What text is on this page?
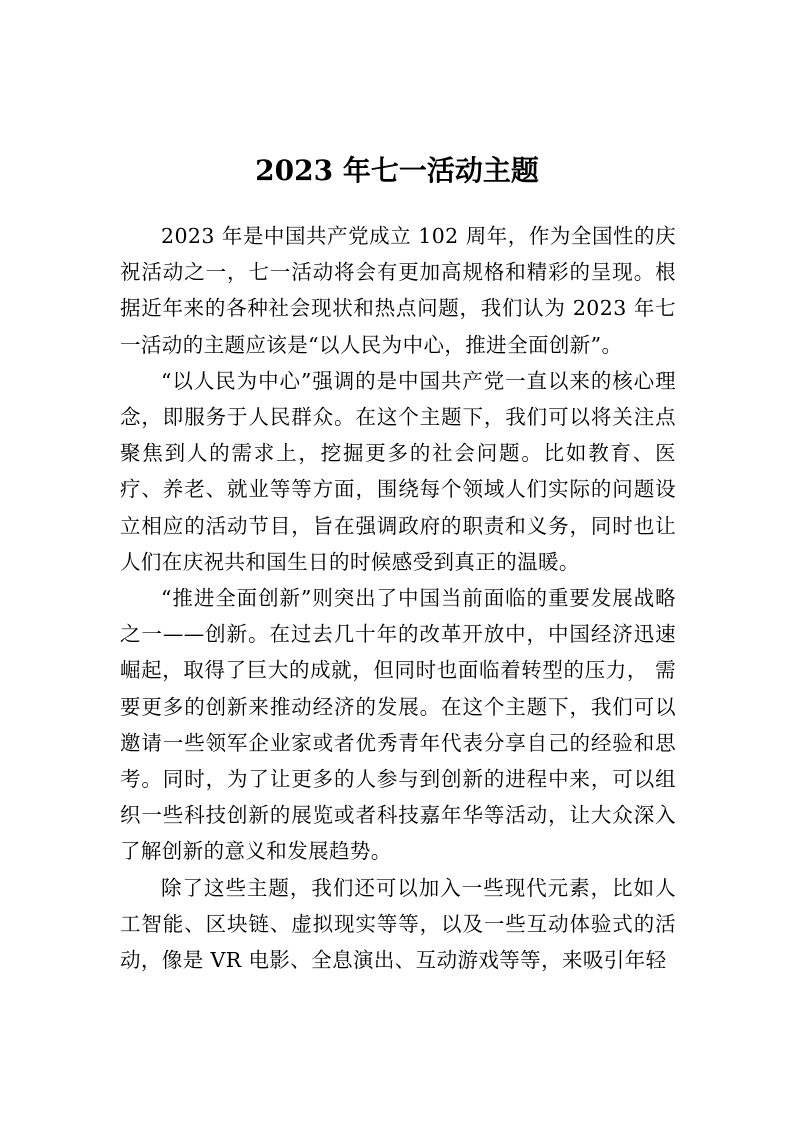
2023 年七一活动主题

2023 年是中国共产党成立 102 周年，作为全国性的庆祝活动之一，七一活动将会有更加高规格和精彩的呈现。根据近年来的各种社会现状和热点问题，我们认为 2023 年七一活动的主题应该是“以人民为中心，推进全面创新”。

“以人民为中心”强调的是中国共产党一直以来的核心理念，即服务于人民群众。在这个主题下，我们可以将关注点聚焦到人的需求上，挖掘更多的社会问题。比如教育、医疗、养老、就业等等方面，围绕每个领域人们实际的问题设立相应的活动节目，旨在强调政府的职责和义务，同时也让人们在庆祝共和国生日的时候感受到真正的温暖。

“推进全面创新”则突出了中国当前面临的重要发展战略之一——创新。在过去几十年的改革开放中，中国经济迅速崛起，取得了巨大的成就，但同时也面临着转型的压力， 需要更多的创新来推动经济的发展。在这个主题下，我们可以邀请一些领军企业家或者优秀青年代表分享自己的经验和思考。同时，为了让更多的人参与到创新的进程中来，可以组织一些科技创新的展览或者科技嘉年华等活动，让大众深入了解创新的意义和发展趋势。

除了这些主题，我们还可以加入一些现代元素，比如人工智能、区块链、虚拟现实等等，以及一些互动体验式的活动，像是 VR 电影、全息演出、互动游戏等等，来吸引年轻
